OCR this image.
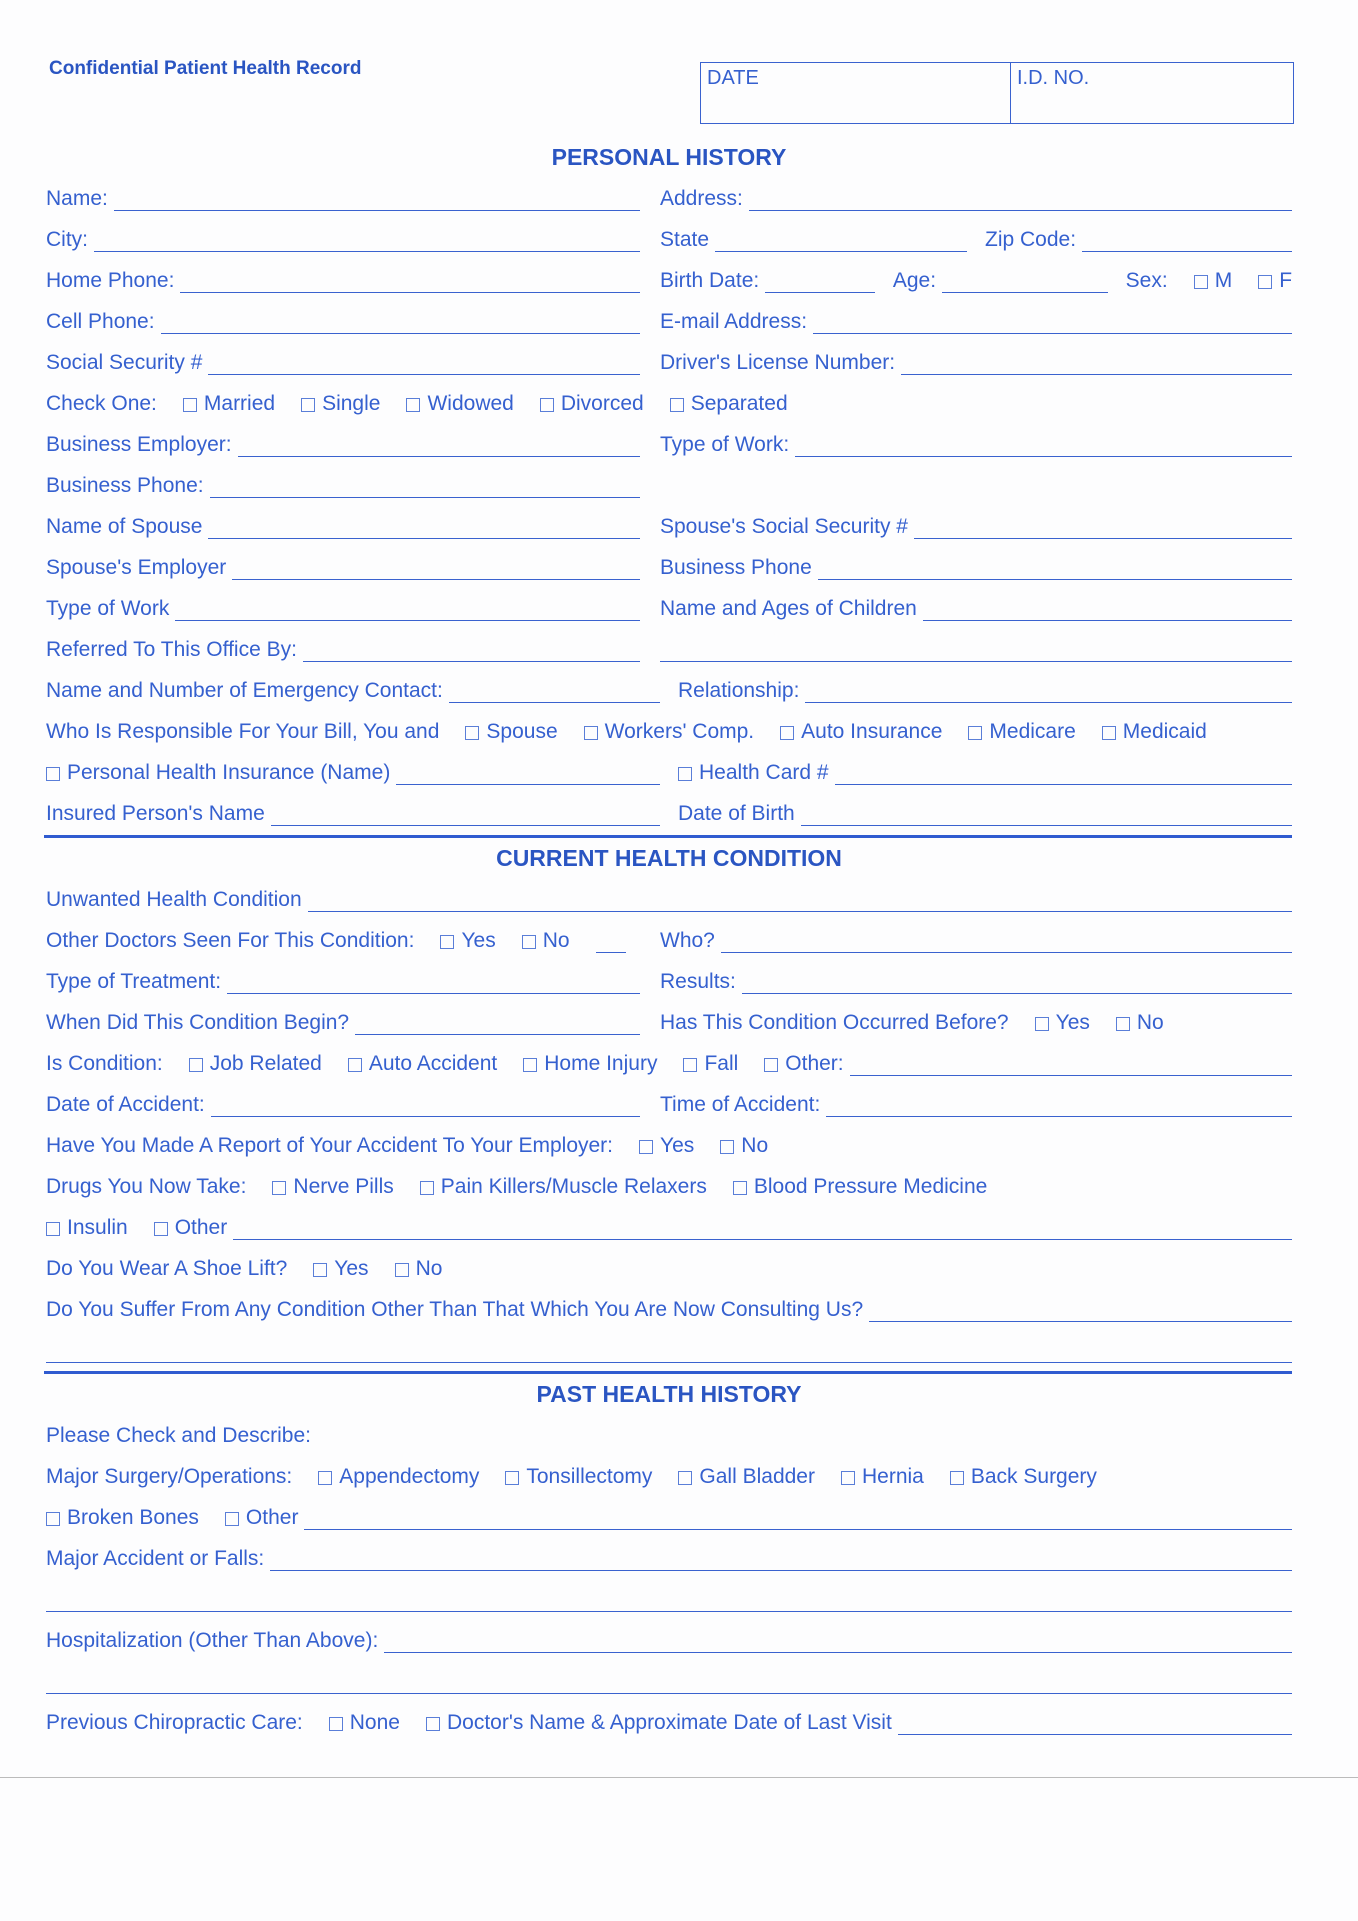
Confidential Patient Health Record	DATE	I.D. NO.
PERSONAL HISTORY
Name:	Address:
City:	State	Zip Code:
Home Phone:	Birth Date:	Age:	Sex: M F
Cell Phone:	E-mail Address:
Social Security #	Driver's License Number:
Check One: Married Single Widowed Divorced Separated
Business Employer:	Type of Work:
Business Phone:
Name of Spouse	Spouse's Social Security #
Spouse's Employer	Business Phone
Type of Work	Name and Ages of Children
Referred To This Office By:
Name and Number of Emergency Contact:	Relationship:
Who Is Responsible For Your Bill, You and Spouse Workers' Comp. Auto Insurance Medicare Medicaid
Personal Health Insurance (Name)	Health Card #
Insured Person's Name	Date of Birth
CURRENT HEALTH CONDITION
Unwanted Health Condition
Other Doctors Seen For This Condition: Yes No	Who?
Type of Treatment:	Results:
When Did This Condition Begin?	Has This Condition Occurred Before? Yes No
Is Condition: Job Related Auto Accident Home Injury Fall Other:
Date of Accident:	Time of Accident:
Have You Made A Report of Your Accident To Your Employer: Yes No
Drugs You Now Take: Nerve Pills Pain Killers/Muscle Relaxers Blood Pressure Medicine
Insulin Other
Do You Wear A Shoe Lift? Yes No
Do You Suffer From Any Condition Other Than That Which You Are Now Consulting Us?
PAST HEALTH HISTORY
Please Check and Describe:
Major Surgery/Operations: Appendectomy Tonsillectomy Gall Bladder Hernia Back Surgery
Broken Bones Other
Major Accident or Falls:
Hospitalization (Other Than Above):
Previous Chiropractic Care: None Doctor's Name & Approximate Date of Last Visit
